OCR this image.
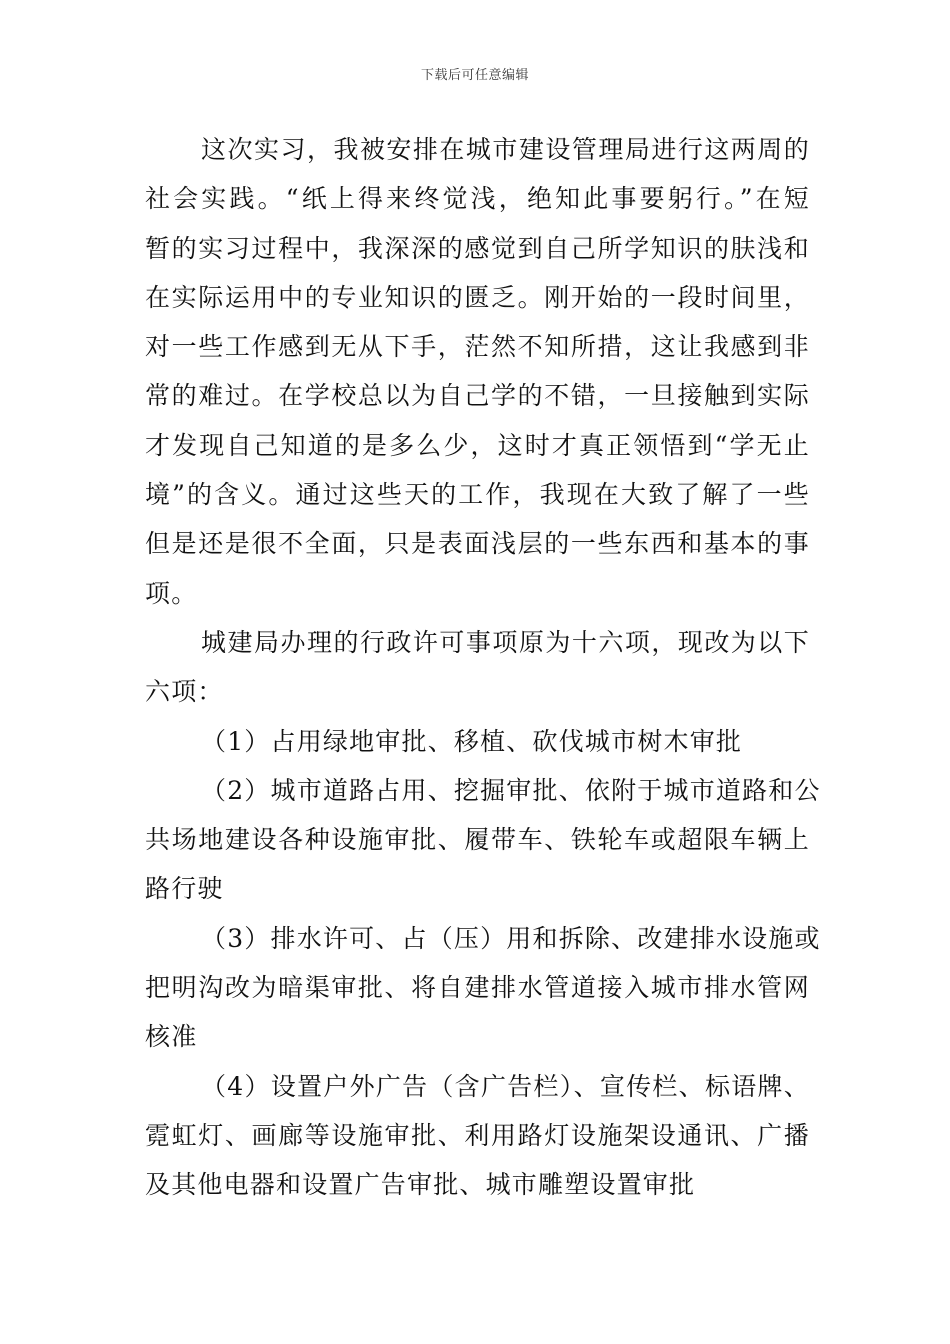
下载后可任意编辑
这次实习，我被安排在城市建设管理局进行这两周的
社会实践。“纸上得来终觉浅，绝知此事要躬行。”在短
暂的实习过程中，我深深的感觉到自己所学知识的肤浅和
在实际运用中的专业知识的匮乏。刚开始的一段时间里，
对一些工作感到无从下手，茫然不知所措，这让我感到非
常的难过。在学校总以为自己学的不错，一旦接触到实际
才发现自己知道的是多么少，这时才真正领悟到“学无止
境”的含义。通过这些天的工作，我现在大致了解了一些
但是还是很不全面，只是表面浅层的一些东西和基本的事
项。
城建局办理的行政许可事项原为十六项，现改为以下
六项：
（1）占用绿地审批、移植、砍伐城市树木审批
（2）城市道路占用、挖掘审批、依附于城市道路和公
共场地建设各种设施审批、履带车、铁轮车或超限车辆上
路行驶
（3）排水许可、占（压）用和拆除、改建排水设施或
把明沟改为暗渠审批、将自建排水管道接入城市排水管网
核准
（4）设置户外广告（含广告栏）、宣传栏、标语牌、
霓虹灯、画廊等设施审批、利用路灯设施架设通讯、广播
及其他电器和设置广告审批、城市雕塑设置审批
